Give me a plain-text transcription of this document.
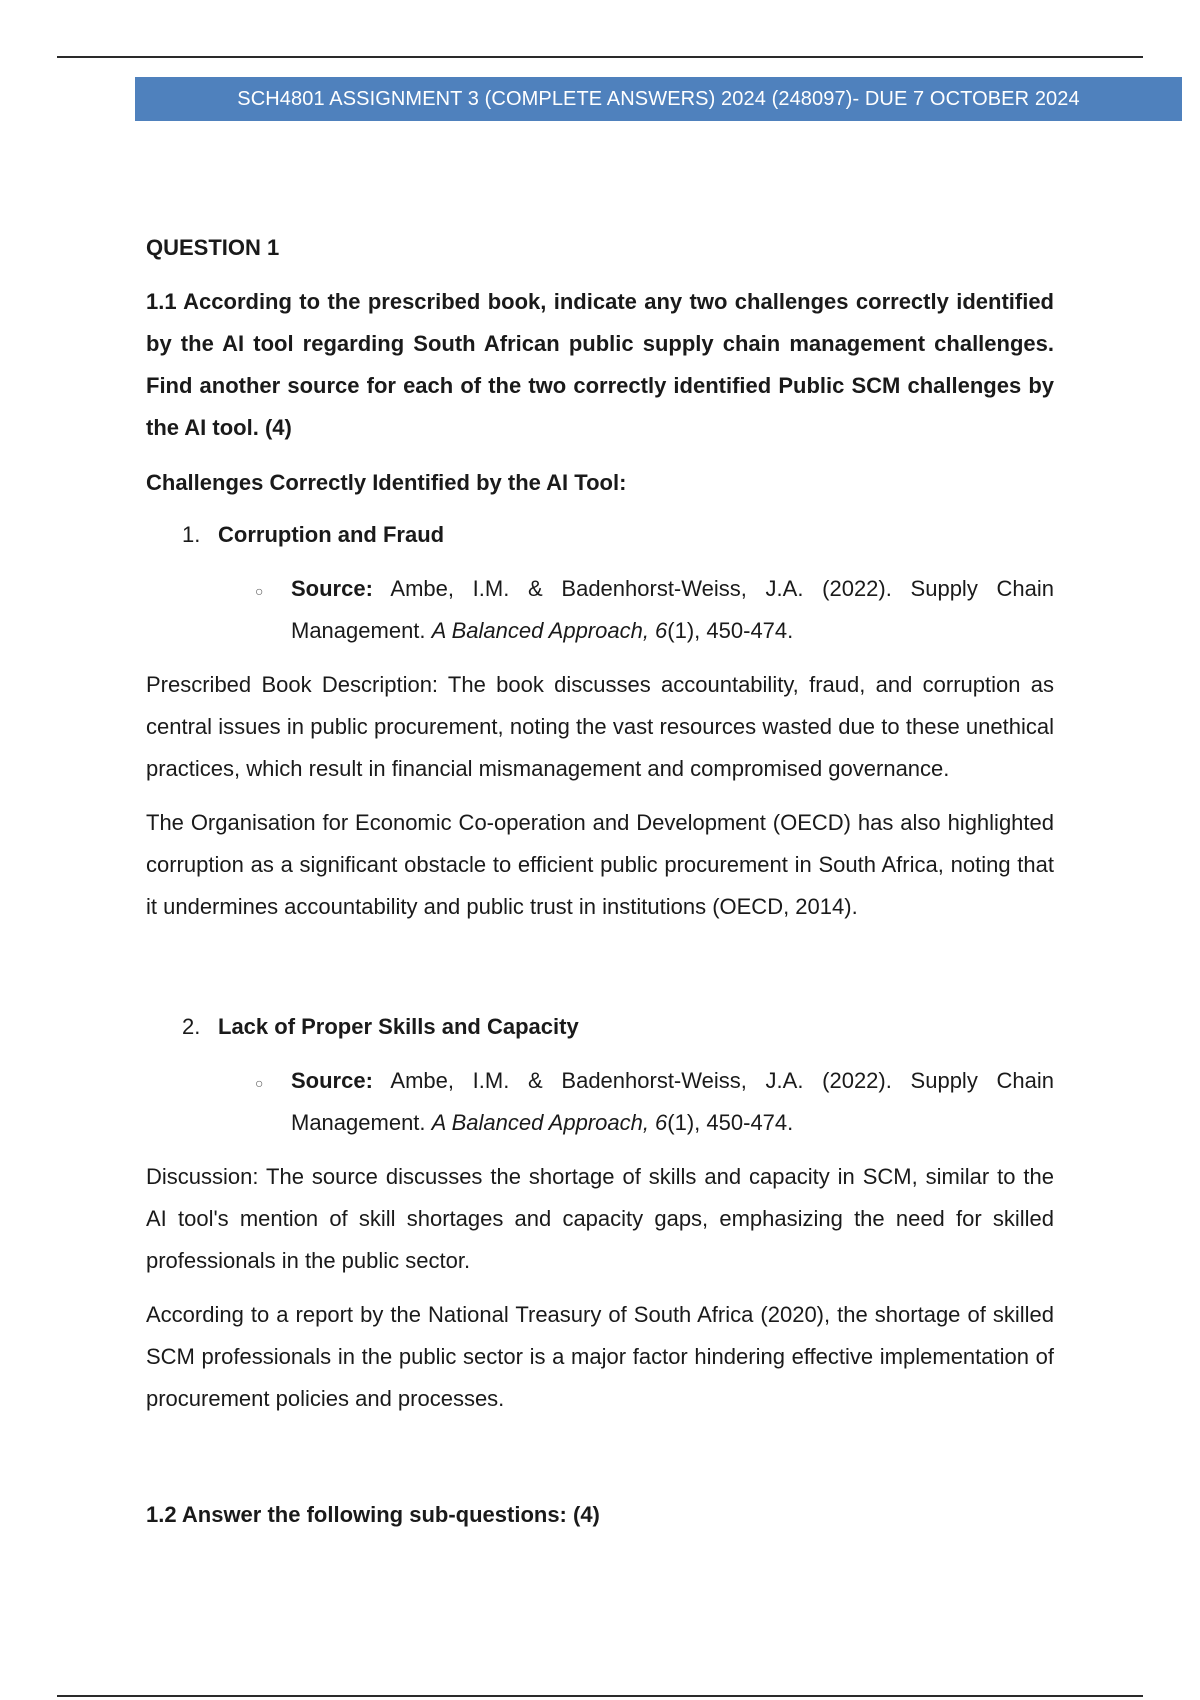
SCH4801 ASSIGNMENT 3 (COMPLETE ANSWERS) 2024 (248097)- DUE 7 OCTOBER 2024

QUESTION 1

1.1 According to the prescribed book, indicate any two challenges correctly identified by the AI tool regarding South African public supply chain management challenges. Find another source for each of the two correctly identified Public SCM challenges by the AI tool. (4)

Challenges Correctly Identified by the AI Tool:

1. Corruption and Fraud
○	Source: Ambe, I.M. & Badenhorst-Weiss, J.A. (2022). Supply Chain Management. A Balanced Approach, 6(1), 450-474.

Prescribed Book Description: The book discusses accountability, fraud, and corruption as central issues in public procurement, noting the vast resources wasted due to these unethical practices, which result in financial mismanagement and compromised governance.

The Organisation for Economic Co-operation and Development (OECD) has also highlighted corruption as a significant obstacle to efficient public procurement in South Africa, noting that it undermines accountability and public trust in institutions (OECD, 2014).

2. Lack of Proper Skills and Capacity
○	Source: Ambe, I.M. & Badenhorst-Weiss, J.A. (2022). Supply Chain Management. A Balanced Approach, 6(1), 450-474.

Discussion: The source discusses the shortage of skills and capacity in SCM, similar to the AI tool's mention of skill shortages and capacity gaps, emphasizing the need for skilled professionals in the public sector.

According to a report by the National Treasury of South Africa (2020), the shortage of skilled SCM professionals in the public sector is a major factor hindering effective implementation of procurement policies and processes.

1.2 Answer the following sub-questions: (4)
